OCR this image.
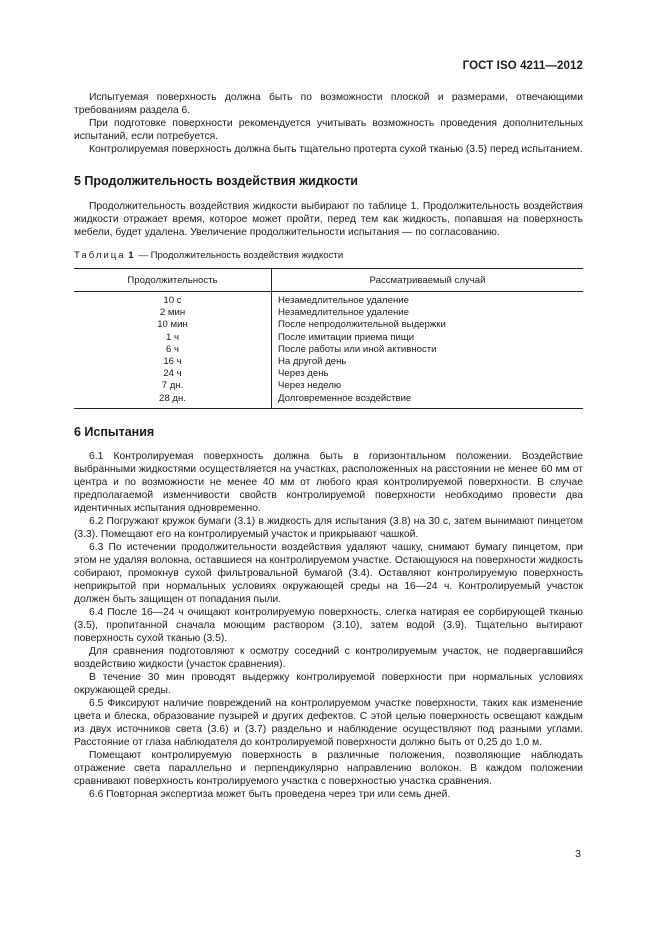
ГОСТ ISO 4211—2012

Испытуемая поверхность должна быть по возможности плоской и размерами, отвечающими требованиям раздела 6.

При подготовке поверхности рекомендуется учитывать возможность проведения дополнительных испытаний, если потребуется.

Контролируемая поверхность должна быть тщательно протерта сухой тканью (3.5) перед испытанием.

5 Продолжительность воздействия жидкости

Продолжительность воздействия жидкости выбирают по таблице 1. Продолжительность воздействия жидкости отражает время, которое может пройти, перед тем как жидкость, попавшая на поверхность мебели, будет удалена. Увеличение продолжительности испытания — по согласованию.

Таблица 1 — Продолжительность воздействия жидкости
Продолжительность	Рассматриваемый случай
10 с	Незамедлительное удаление
2 мин	Незамедлительное удаление
10 мин	После непродолжительной выдержки
1 ч	После имитации приема пищи
6 ч	После работы или иной активности
16 ч	На другой день
24 ч	Через день
7 дн.	Через неделю
28 дн.	Долговременное воздействие
6 Испытания

6.1 Контролируемая поверхность должна быть в горизонтальном положении. Воздействие выбранными жидкостями осуществляется на участках, расположенных на расстоянии не менее 60 мм от центра и по возможности не менее 40 мм от любого края контролируемой поверхности. В случае предполагаемой изменчивости свойств контролируемой поверхности необходимо провести два идентичных испытания одновременно.

6.2 Погружают кружок бумаги (3.1) в жидкость для испытания (3.8) на 30 с, затем вынимают пинцетом (3.3). Помещают его на контролируемый участок и прикрывают чашкой.

6.3 По истечении продолжительности воздействия удаляют чашку, снимают бумагу пинцетом, при этом не удаляя волокна, оставшиеся на контролируемом участке. Остающуюся на поверхности жидкость собирают, промокнув сухой фильтровальной бумагой (3.4). Оставляют контролируемую поверхность неприкрытой при нормальных условиях окружающей среды на 16—24 ч. Контролируемый участок должен быть защищен от попадания пыли.

6.4 После 16—24 ч очищают контролируемую поверхность, слегка натирая ее сорбирующей тканью (3.5), пропитанной сначала моющим раствором (3.10), затем водой (3.9). Тщательно вытирают поверхность сухой тканью (3.5).

Для сравнения подготовляют к осмотру соседний с контролируемым участок, не подвергавшийся воздействию жидкости (участок сравнения).

В течение 30 мин проводят выдержку контролируемой поверхности при нормальных условиях окружающей среды.

6.5 Фиксируют наличие повреждений на контролируемом участке поверхности, таких как изменение цвета и блеска, образование пузырей и других дефектов. С этой целью поверхность освещают каждым из двух источников света (3.6) и (3.7) раздельно и наблюдение осуществляют под разными углами. Расстояние от глаза наблюдателя до контролируемой поверхности должно быть от 0,25 до 1,0 м.

Помещают контролируемую поверхность в различные положения, позволяющие наблюдать отражение света параллельно и перпендикулярно направлению волокон. В каждом положении сравнивают поверхность контролируемого участка с поверхностью участка сравнения.

6.6 Повторная экспертиза может быть проведена через три или семь дней.

3
